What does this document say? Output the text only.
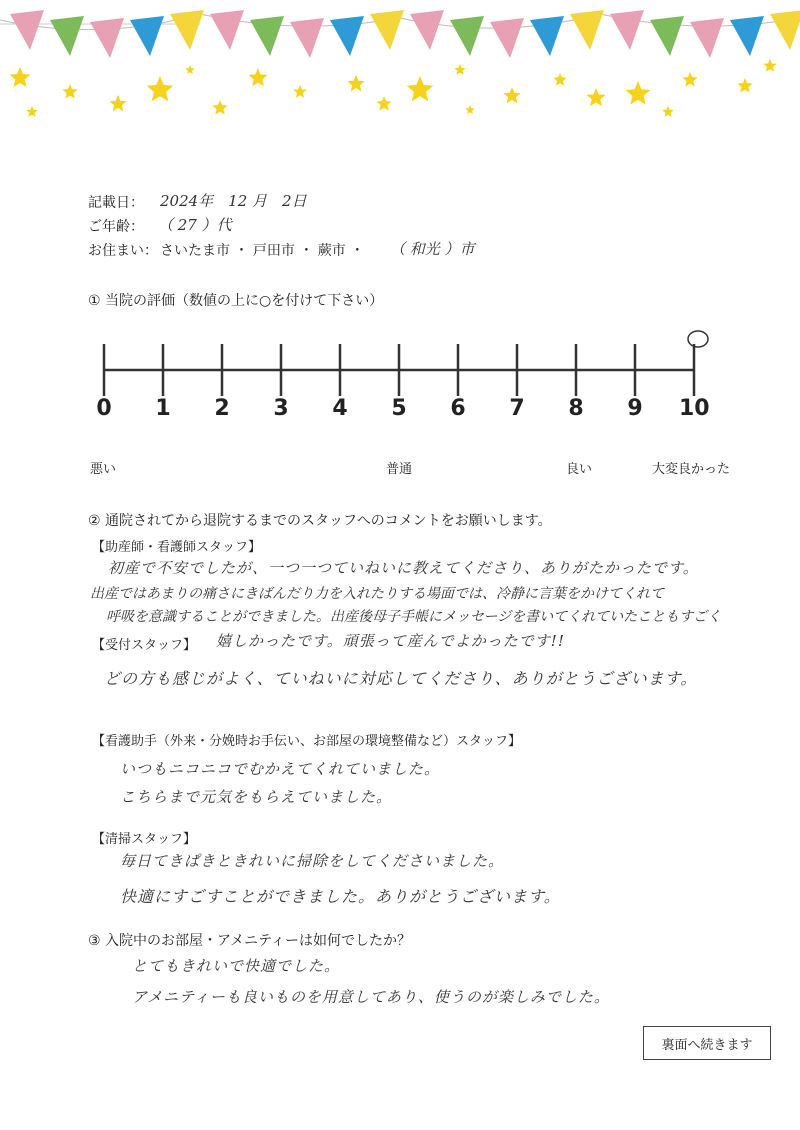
記載日： 2024年　12 月　2日
ご年齢： （ 27 ）代
お住まい： さいたま市 ・ 戸田市 ・ 蕨市 ・ （ 和光 ）市
① 当院の評価（数値の上に○を付けて下さい）
0	1	2	3	4	5	6	7	8	9	10
悪い	普通	良い	大変良かった
② 通院されてから退院するまでのスタッフへのコメントをお願いします。
【助産師・看護師スタッフ】
初産で不安でしたが、一つ一つていねいに教えてくださり、ありがたかったです。
出産ではあまりの痛さにきばんだり力を入れたりする場面では、冷静に言葉をかけてくれて
呼吸を意識することができました。出産後母子手帳にメッセージを書いてくれていたこともすごく
【受付スタッフ】 嬉しかったです。頑張って産んでよかったです!!
どの方も感じがよく、ていねいに対応してくださり、ありがとうございます。
【看護助手（外来・分娩時お手伝い、お部屋の環境整備など）スタッフ】
いつもニコニコでむかえてくれていました。
こちらまで元気をもらえていました。
【清掃スタッフ】
毎日てきぱきときれいに掃除をしてくださいました。
快適にすごすことができました。ありがとうございます。
③ 入院中のお部屋・アメニティーは如何でしたか？
とてもきれいで快適でした。
アメニティーも良いものを用意してあり、使うのが楽しみでした。
裏面へ続きます
